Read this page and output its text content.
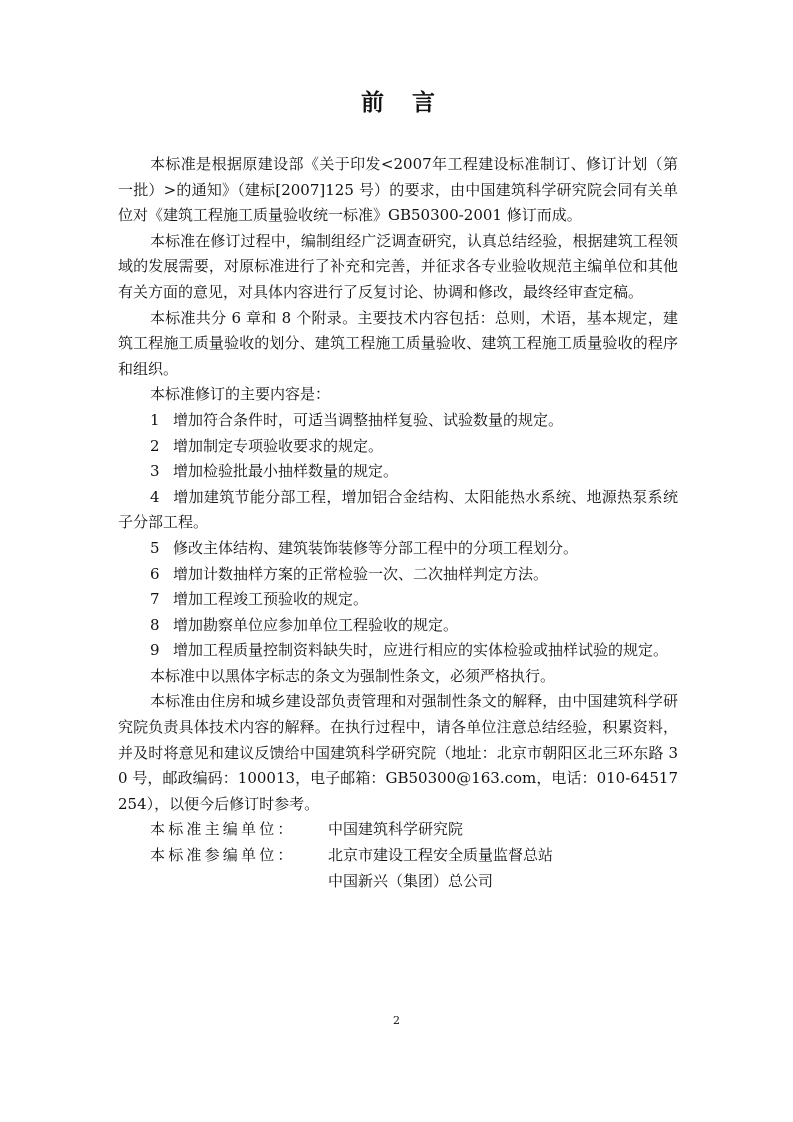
前 言

本标准是根据原建设部《关于印发<2007年工程建设标准制订、修订计划（第一批）>的通知》（建标[2007]125 号）的要求，由中国建筑科学研究院会同有关单位对《建筑工程施工质量验收统一标准》GB50300-2001 修订而成。

本标准在修订过程中，编制组经广泛调查研究，认真总结经验，根据建筑工程领域的发展需要，对原标准进行了补充和完善，并征求各专业验收规范主编单位和其他有关方面的意见，对具体内容进行了反复讨论、协调和修改，最终经审查定稿。

本标准共分 6 章和 8 个附录。主要技术内容包括：总则，术语，基本规定，建筑工程施工质量验收的划分、建筑工程施工质量验收、建筑工程施工质量验收的程序和组织。

本标准修订的主要内容是：

1 增加符合条件时，可适当调整抽样复验、试验数量的规定。

2 增加制定专项验收要求的规定。

3 增加检验批最小抽样数量的规定。

4 增加建筑节能分部工程，增加铝合金结构、太阳能热水系统、地源热泵系统子分部工程。

5 修改主体结构、建筑装饰装修等分部工程中的分项工程划分。

6 增加计数抽样方案的正常检验一次、二次抽样判定方法。

7 增加工程竣工预验收的规定。

8 增加勘察单位应参加单位工程验收的规定。

9 增加工程质量控制资料缺失时，应进行相应的实体检验或抽样试验的规定。

本标准中以黑体字标志的条文为强制性条文，必须严格执行。

本标准由住房和城乡建设部负责管理和对强制性条文的解释，由中国建筑科学研究院负责具体技术内容的解释。在执行过程中，请各单位注意总结经验，积累资料，并及时将意见和建议反馈给中国建筑科学研究院（地址：北京市朝阳区北三环东路 30 号，邮政编码：100013，电子邮箱：GB50300@163.com，电话：010-64517254），以便今后修订时参考。

本标准主编单位： 中国建筑科学研究院

本标准参编单位： 北京市建设工程安全质量监督总站

中国新兴（集团）总公司

2
